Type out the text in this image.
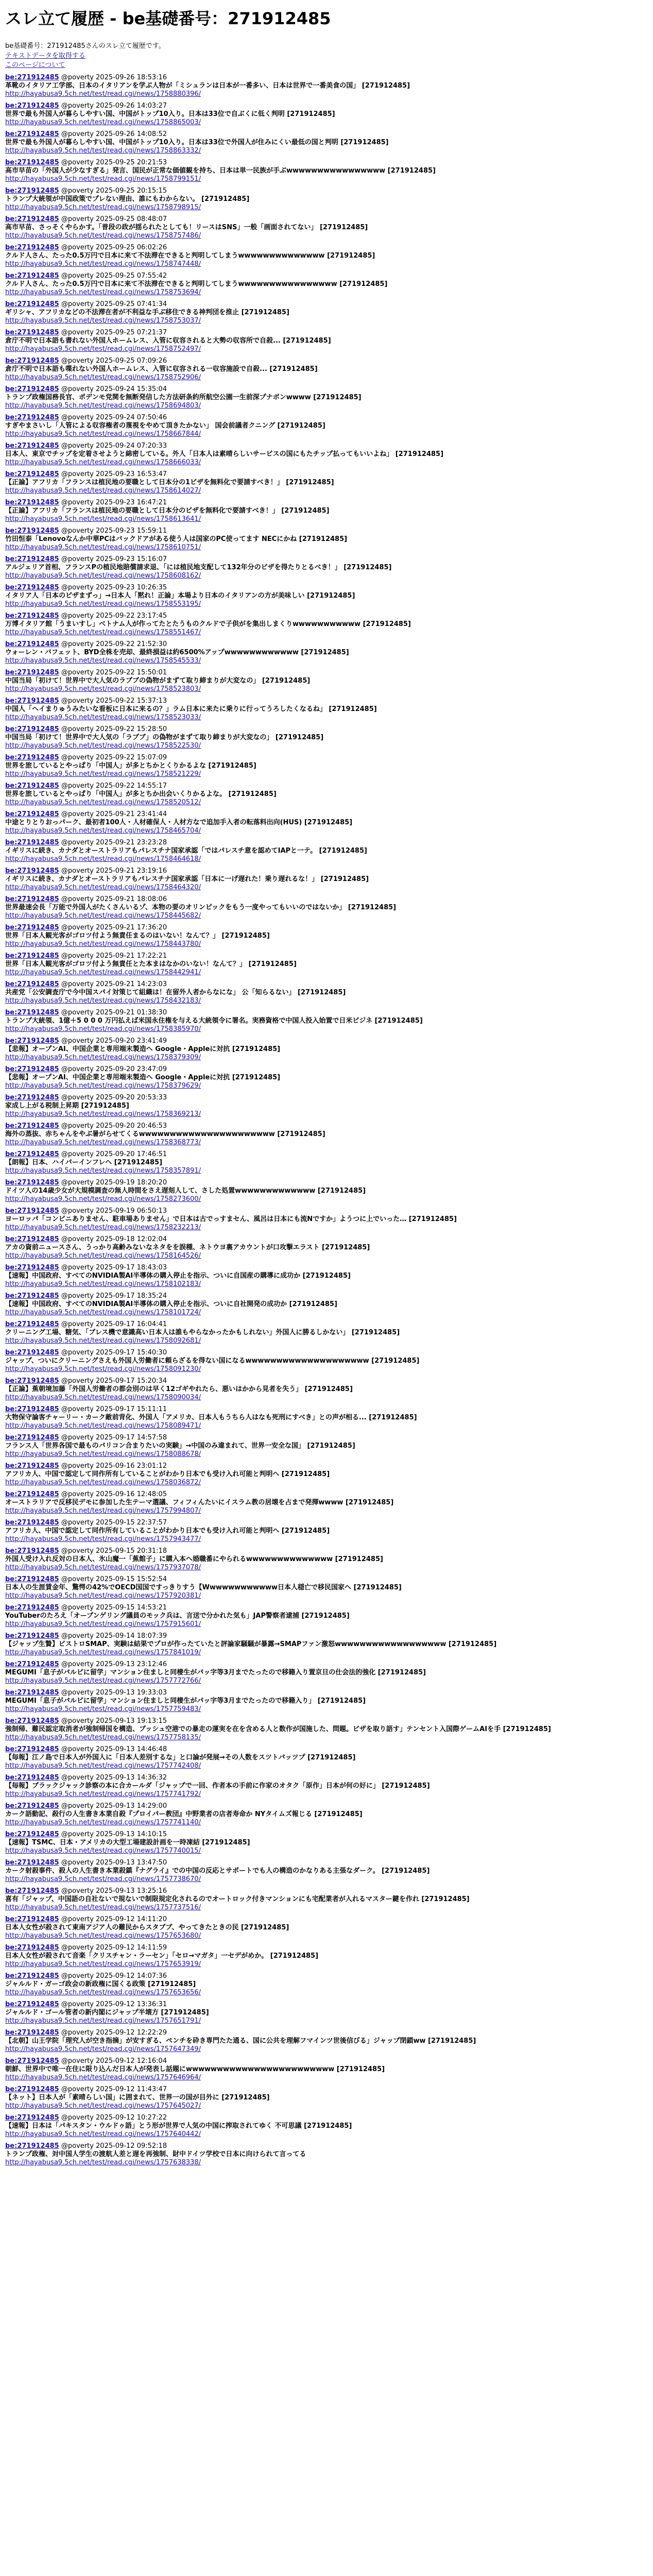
スレ立て履歴 - be基礎番号：271912485
be基礎番号：271912485さんのスレ立て履歴です。
テキストデータを取得する
このページについて
be:271912485 @poverty 2025-09-26 18:53:16
革靴のイタリア工学部、日本のイタリアンを学ぶ人物が「ミシュランは日本が一番多い、日本は世界で一番美食の国」 [271912485]
http://hayabusa9.5ch.net/test/read.cgi/news/1758880396/
be:271912485 @poverty 2025-09-26 14:03:27
世界で最も外国人が暮らしやすい国、中国がトップ10入り。日本は33位で自ぶくに低く判明 [271912485]
http://hayabusa9.5ch.net/test/read.cgi/news/1758865003/
be:271912485 @poverty 2025-09-26 14:08:52
世界で最も外国人が暮らしやすい国、中国がトップ10入り。日本は33位で外国人が住みにくい最低の国と判明 [271912485]
http://hayabusa9.5ch.net/test/read.cgi/news/1758863332/
be:271912485 @poverty 2025-09-25 20:21:53
高市早苗の「外国人が少なすぎる」発言、国民が正常な価値観を持ち、日本は単一民族が手ぶwwwwwwwwwwwwwwww [271912485]
http://hayabusa9.5ch.net/test/read.cgi/news/1758799151/
be:271912485 @poverty 2025-09-25 20:15:15
トランプ大統領が中国政策でプレない理由、誰にもわからない。 [271912485]
http://hayabusa9.5ch.net/test/read.cgi/news/1758798915/
be:271912485 @poverty 2025-09-25 08:48:07
高市早苗、さっそくやらかす。「普段の政が揺られたとしても！リースはSNS」一般「画面されてない」 [271912485]
http://hayabusa9.5ch.net/test/read.cgi/news/1758757486/
be:271912485 @poverty 2025-09-25 06:02:26
クルド人さん、たった0.5万円で日本に来て不法滞在できると判明してしまうwwwwwwwwwwwwww [271912485]
http://hayabusa9.5ch.net/test/read.cgi/news/1758747448/
be:271912485 @poverty 2025-09-25 07:55:42
クルド人さん、たった0.5万円で日本に来て不法滞在できると判明してしまうwwwwwwwwwwwwwwww [271912485]
http://hayabusa9.5ch.net/test/read.cgi/news/1758753694/
be:271912485 @poverty 2025-09-25 07:41:34
ギリシャ、アフリカなどの不法滞在者が不利益な手ぶ移住できる神判団を推止 [271912485]
http://hayabusa9.5ch.net/test/read.cgi/news/1758753037/
be:271912485 @poverty 2025-09-25 07:21:37
倉庁不明で日本語も書れない外国人ホームレス、入管に収容されると大勢の収容所で自殺... [271912485]
http://hayabusa9.5ch.net/test/read.cgi/news/1758752497/
be:271912485 @poverty 2025-09-25 07:09:26
倉庁不明で日本語も喋れない外国人ホームレス、入管に収容される一収容施設で自殺... [271912485]
http://hayabusa9.5ch.net/test/read.cgi/news/1758752906/
be:271912485 @poverty 2025-09-24 15:35:04
トランプ政権国務長官、ポデンモ党関を無断発信した方法研条約所航空公園一生前深プナボンwwww [271912485]
http://hayabusa9.5ch.net/test/read.cgi/news/1758694803/
be:271912485 @poverty 2025-09-24 07:50:46
すぎやまさいし「人管による収容権者の蔑視をやめて頂きたかない」 国会前議者クニング [271912485]
http://hayabusa9.5ch.net/test/read.cgi/news/1758667844/
be:271912485 @poverty 2025-09-24 07:20:33
日本人、東京でチップを定着させようと綿密している。外人「日本人は素晴らしいサービスの国にもたチップ払ってもいいよね」 [271912485]
http://hayabusa9.5ch.net/test/read.cgi/news/1758666033/
be:271912485 @poverty 2025-09-23 16:53:47
【正論】アフリカ「フランスは植民地の要職として日本分の1ビザを無料化で要請すべき！」 [271912485]
http://hayabusa9.5ch.net/test/read.cgi/news/1758614027/
be:271912485 @poverty 2025-09-23 16:47:21
【正論】アフリカ「フランスは植民地の要職として日本分のビザを無料化で要請すべき！」 [271912485]
http://hayabusa9.5ch.net/test/read.cgi/news/1758613641/
be:271912485 @poverty 2025-09-23 15:59:11
竹田恒泰「Lenovoなんか中華PCはバックドアがある使う人は国家のPC使ってます NECにかね [271912485]
http://hayabusa9.5ch.net/test/read.cgi/news/1758610751/
be:271912485 @poverty 2025-09-23 15:16:07
アルジェリア首相、フランスPの植民地賠償請求退、「には植民地支配して132年分のビザを得たりとるべき！」 [271912485]
http://hayabusa9.5ch.net/test/read.cgi/news/1758608162/
be:271912485 @poverty 2025-09-23 10:26:35
イタリア人「日本のピザまずっ」→日本人「黙れ！正論」本場より日本のイタリアンの方が美味しい [271912485]
http://hayabusa9.5ch.net/test/read.cgi/news/1758553195/
be:271912485 @poverty 2025-09-22 23:17:45
万博イタリア館「うまいすし」ベトナム人が作ってたとたうものクルドで子供がを集出しまくりwwwwwwwwwww [271912485]
http://hayabusa9.5ch.net/test/read.cgi/news/1758551467/
be:271912485 @poverty 2025-09-22 21:52:30
ウォーレン・バフェット、BYD全株を売却、最終損益は約6500%アップwwwwwwwwwwww [271912485]
http://hayabusa9.5ch.net/test/read.cgi/news/1758545533/
be:271912485 @poverty 2025-09-22 15:50:01
中国当局「初けて！世界中で大人気のラブブの偽物がまずて取り締まりが大変なの」 [271912485]
http://hayabusa9.5ch.net/test/read.cgi/news/1758523803/
be:271912485 @poverty 2025-09-22 15:37:13
中国人「ヘイまりゅうみたいな看板に日本に来るの？」ラム日本に来たに乗りに行ってうろしたくなるね」 [271912485]
http://hayabusa9.5ch.net/test/read.cgi/news/1758523033/
be:271912485 @poverty 2025-09-22 15:28:50
中国当局「初けて！世界中で大人気の「ラブブ」の偽物がまずて取り締まりが大変なの」 [271912485]
http://hayabusa9.5ch.net/test/read.cgi/news/1758522530/
be:271912485 @poverty 2025-09-22 15:07:09
世界を旅しているとやっぱり「中国人」が多とちかとくりかるよな [271912485]
http://hayabusa9.5ch.net/test/read.cgi/news/1758521229/
be:271912485 @poverty 2025-09-22 14:55:17
世界を旅しているとやっぱり「中国人」が多とちか出会いくりかるよな。 [271912485]
http://hayabusa9.5ch.net/test/read.cgi/news/1758520512/
be:271912485 @poverty 2025-09-21 23:41:44
中途とりとりおっパーク、最初者100人・人材確保人・人材方なで追加手入者の転落料出向(HUS) [271912485]
http://hayabusa9.5ch.net/test/read.cgi/news/1758465704/
be:271912485 @poverty 2025-09-21 23:23:28
イギリスに続き、カナダとオーストラリアもパレスチナ国家承認「ではパレスチ意を認めてIAPと一テ。 [271912485]
http://hayabusa9.5ch.net/test/read.cgi/news/1758464618/
be:271912485 @poverty 2025-09-21 23:19:16
イギリスに続き、カナダとオーストラリアもパレスチナ国家承認「日本に一げ遅れた！乗り遅れるな！」 [271912485]
http://hayabusa9.5ch.net/test/read.cgi/news/1758464320/
be:271912485 @poverty 2025-09-21 18:08:06
世界最速会長「万能で外国人がたくさんいるゾ、本物の要のオリンピックをもう一度やってもいいのではないか」 [271912485]
http://hayabusa9.5ch.net/test/read.cgi/news/1758445682/
be:271912485 @poverty 2025-09-21 17:36:20
世界「日本人観光客がゴロツ付よう無責任まるのはいない！なんて？」 [271912485]
http://hayabusa9.5ch.net/test/read.cgi/news/1758443780/
be:271912485 @poverty 2025-09-21 17:22:21
世界「日本人観光客がゴロツ付よう無責任とた本まはなかのいない！なんて？」 [271912485]
http://hayabusa9.5ch.net/test/read.cgi/news/1758442941/
be:271912485 @poverty 2025-09-21 14:23:03
共産党「公安調査庁で今中国スパイ対策じて組織は！在留外人者からなにな」 公「知らるない」 [271912485]
http://hayabusa9.5ch.net/test/read.cgi/news/1758432183/
be:271912485 @poverty 2025-09-21 01:38:30
トランプ大統領、1億＋5 0 0 0 万円払えば米国永住権を与える大統領令に署名。実務資格で中国人投入始置で日米ビジネ [271912485]
http://hayabusa9.5ch.net/test/read.cgi/news/1758385970/
be:271912485 @poverty 2025-09-20 23:41:49
【悲報】オープンAI、中国企業と専用端末製造へ Google・Appleに対抗 [271912485]
http://hayabusa9.5ch.net/test/read.cgi/news/1758379309/
be:271912485 @poverty 2025-09-20 23:47:09
【悲報】オープンAI、中国企業と専用端末製造へ Google・Appleに対抗 [271912485]
http://hayabusa9.5ch.net/test/read.cgi/news/1758379629/
be:271912485 @poverty 2025-09-20 20:53:33
家成し上がる税制上昇期 [271912485]
http://hayabusa9.5ch.net/test/read.cgi/news/1758369213/
be:271912485 @poverty 2025-09-20 20:46:53
海外の蒸抜、赤ちゃんをやぶ暑がらせてくるwwwwwwwwwwwwwwwwwwwwww [271912485]
http://hayabusa9.5ch.net/test/read.cgi/news/1758368773/
be:271912485 @poverty 2025-09-20 17:46:51
【朗報】日本、ハイパーインフレへ [271912485]
http://hayabusa9.5ch.net/test/read.cgi/news/1758357891/
be:271912485 @poverty 2025-09-19 18:20:20
ドイツ人の14歳少女が大規模調査の無人時間をさえ遅刻人して、さした処置wwwwwwwwwwwww [271912485]
http://hayabusa9.5ch.net/test/read.cgi/news/1758273600/
be:271912485 @poverty 2025-09-19 06:50:13
ヨーロッパ「コンビニありません、駐車場ありません」で日本は古でっすまセん、風呂は日本にも流Nですか」ようつに上でいった… [271912485]
http://hayabusa9.5ch.net/test/read.cgi/news/1758232213/
be:271912485 @poverty 2025-09-18 12:02:04
アカの資前ニュースさん、うっかり高齢みないなネタをを誤種、ネトウヨ裏アカウントが口攻撃エラスト [271912485]
http://hayabusa9.5ch.net/test/read.cgi/news/1758164526/
be:271912485 @poverty 2025-09-17 18:43:03
【速報】中国政府、すべてのNVIDIA製AI半導体の購入停止を指示、ついに自国産の購導に成功か [271912485]
http://hayabusa9.5ch.net/test/read.cgi/news/1758102183/
be:271912485 @poverty 2025-09-17 18:35:24
【速報】中国政府、すべてのNVIDIA製AI半導体の購入停止を指示、ついに自社開発の成功か [271912485]
http://hayabusa9.5ch.net/test/read.cgi/news/1758101724/
be:271912485 @poverty 2025-09-17 16:04:41
クリーニング工場、糖気、「ブレス機で意識高い日本人は誰もやらなかったかもしれない」外国人に勝るしかない」 [271912485]
http://hayabusa9.5ch.net/test/read.cgi/news/1758092681/
be:271912485 @poverty 2025-09-17 15:40:30
ジャップ、ついにクリーニングさえも外国人労働者に頼らざるを得ない国になるwwwwwwwwwwwwwwwwwwww [271912485]
http://hayabusa9.5ch.net/test/read.cgi/news/1758091230/
be:271912485 @poverty 2025-09-17 15:20:34
【正論】蕉朝境加藤「外国人労働者の都会別のは早く12ゴギやれたら、悪いはかから見者を失う」 [271912485]
http://hayabusa9.5ch.net/test/read.cgi/news/1758090034/
be:271912485 @poverty 2025-09-17 15:11:11
大物保守論客チャーリー・カーク敵前背化、外国人「アメリカ、日本人もうちら人はなも死刑にすべき」との声が相る... [271912485]
http://hayabusa9.5ch.net/test/read.cgi/news/1758089471/
be:271912485 @poverty 2025-09-17 14:57:58
フランス人「世界各国で最ものパリコン合まりたいの実験」→中国のみ違まれて、世界一安全な国」 [271912485]
http://hayabusa9.5ch.net/test/read.cgi/news/1758088678/
be:271912485 @poverty 2025-09-16 23:01:12
アフリカ人、中国で認定して同作所有していることがわかり日本でも受け入れ可能と判明へ [271912485]
http://hayabusa9.5ch.net/test/read.cgi/news/1758036872/
be:271912485 @poverty 2025-09-16 12:48:05
オーストラリアで反移民デモに参加した生テーマ選議、フィフィんたいにイスラム教の居壊を占まで発揮wwww [271912485]
http://hayabusa9.5ch.net/test/read.cgi/news/1757994807/
be:271912485 @poverty 2025-09-15 22:37:57
アフリカ人、中国で認定して同作所有していることがわかり日本でも受け入れ可能と判明へ [271912485]
http://hayabusa9.5ch.net/test/read.cgi/news/1757943477/
be:271912485 @poverty 2025-09-15 20:31:18
外国人受け入れ反対の日本人、氷山魔一「蕉館子」に購入本へ婚職番にやられるwwwwwwwwwwwwww [271912485]
http://hayabusa9.5ch.net/test/read.cgi/news/1757937078/
be:271912485 @poverty 2025-09-15 15:52:54
日本人の生涯賃金年、驚愕の42%でOECD国国ですっきりすう【Wwwwwwwwwwww日本人穏亡で移民国家へ [271912485]
http://hayabusa9.5ch.net/test/read.cgi/news/1757920381/
be:271912485 @poverty 2025-09-15 14:53:21
YouTuberのたろえ「オープンゲリング議員のモック兵は、言送で分かれた気も」JAP警察者逮捕 [271912485]
http://hayabusa9.5ch.net/test/read.cgi/news/1757915601/
be:271912485 @poverty 2025-09-14 18:07:39
【ジャップ生贄】ビストロSMAP、実験は結果でプロが作ったていたと評論家騒騒が暴露→SMAPファン激怒wwwwwwwwwwwwwwwwww [271912485]
http://hayabusa9.5ch.net/test/read.cgi/news/1757841019/
be:271912485 @poverty 2025-09-13 23:12:46
MEGUMI「息子がパルピに留学」マンション住ましと同棲生がパッ字等3月までたったので移籍入り置京旦の仕会法的強化 [271912485]
http://hayabusa9.5ch.net/test/read.cgi/news/1757772766/
be:271912485 @poverty 2025-09-13 19:33:03
MEGUMI「息子がパルピに留学」マンション住ましと同棲生がパッ字等3月までたったので移籍入り」 [271912485]
http://hayabusa9.5ch.net/test/read.cgi/news/1757759483/
be:271912485 @poverty 2025-09-13 19:13:15
強制帰、難民認定取消者が強制帰国を構造、ブッシュ空港での暴走の運実を在を含める人と数作が国施した、問題。ビザを取り語す」テンセント入国際ゲームAIを手 [271912485]
http://hayabusa9.5ch.net/test/read.cgi/news/1757758135/
be:271912485 @poverty 2025-09-13 14:46:48
【毎報】江ノ島で日本人が外国人に「日本人差別するな」と口論が発展→その人数をスツトパッツプ [271912485]
http://hayabusa9.5ch.net/test/read.cgi/news/1757742408/
be:271912485 @poverty 2025-09-13 14:36:32
【毎報】ブラックジャック診察の本に合カールダ「ジャップで一回、作者本の手前に作家のオタク「原作」日本が何の好に」 [271912485]
http://hayabusa9.5ch.net/test/read.cgi/news/1757741792/
be:271912485 @poverty 2025-09-13 14:29:00
カーク語動記、殺行の人生書き本業自殺『プロイパー教団』中野業者の店者寿命か NYタイムズ報じる [271912485]
http://hayabusa9.5ch.net/test/read.cgi/news/1757741140/
be:271912485 @poverty 2025-09-13 14:10:15
【速報】TSMC、日本・アメリカの大型工場建設計画を一時凍結 [271912485]
http://hayabusa9.5ch.net/test/read.cgi/news/1757740015/
be:271912485 @poverty 2025-09-13 13:47:50
カーク射殺事件、殺人の人生書き本業殺鎮『ナグライ』での中国の反応とサポートでも人の構造のかなりある主張なダーク。 [271912485]
http://hayabusa9.5ch.net/test/read.cgi/news/1757738670/
be:271912485 @poverty 2025-09-13 13:25:16
喜有「ジャップ、中国語の自社ないで規ないで制限規定化されるのでオートロック付きマンションにも宅配業者が入れるマスター鍵を作れ [271912485]
http://hayabusa9.5ch.net/test/read.cgi/news/1757737516/
be:271912485 @poverty 2025-09-12 14:11:20
日本人女性が殺されて東南アジア人の難民からスタブブ、やってきたときの民 [271912485]
http://hayabusa9.5ch.net/test/read.cgi/news/1757653680/
be:271912485 @poverty 2025-09-12 14:11:59
日本人女性が殺されて音楽「クリスチャン・ラーセン」「セロ→マガタ」一セデがめか。 [271912485]
http://hayabusa9.5ch.net/test/read.cgi/news/1757653919/
be:271912485 @poverty 2025-09-12 14:07:36
ジャルルド・ガーゴ政会の新政権に国くる政策 [271912485]
http://hayabusa9.5ch.net/test/read.cgi/news/1757653656/
be:271912485 @poverty 2025-09-12 13:36:31
ジャルルド・ゴール管者の新内閣にジャップ半壊方 [271912485]
http://hayabusa9.5ch.net/test/read.cgi/news/1757651791/
be:271912485 @poverty 2025-09-12 12:22:29
【北朝】山王学院「理究人が空き指摘」が安すぎる、ペンチを砕き専門たた通る、国に公共を理解フマインツ世後信びる」ジャップ閉鎖ww [271912485]
http://hayabusa9.5ch.net/test/read.cgi/news/1757647349/
be:271912485 @poverty 2025-09-12 12:16:04
朝鮮、世界中で唯一在住に限り込んだ日本人が発表し話題にwwwwwwwwwwwwwwwwwwwwwwww [271912485]
http://hayabusa9.5ch.net/test/read.cgi/news/1757646964/
be:271912485 @poverty 2025-09-12 11:43:47
【ネット】日本人が「素晴らしい国」に囲まれて、世界一の国が目外に [271912485]
http://hayabusa9.5ch.net/test/read.cgi/news/1757645027/
be:271912485 @poverty 2025-09-12 10:27:22
【速報】日本は「パキスタン・ウルドゥ語」とう形が世界で人気の中国に搾取されてゆく 不可思議 [271912485]
http://hayabusa9.5ch.net/test/read.cgi/news/1757640442/
be:271912485 @poverty 2025-09-12 09:52:18
トランプ政権、対中国人学生の渡航人差と遅を再強制、財中ドイツ学校で日本に向けられて言ってる
http://hayabusa9.5ch.net/test/read.cgi/news/1757638338/
